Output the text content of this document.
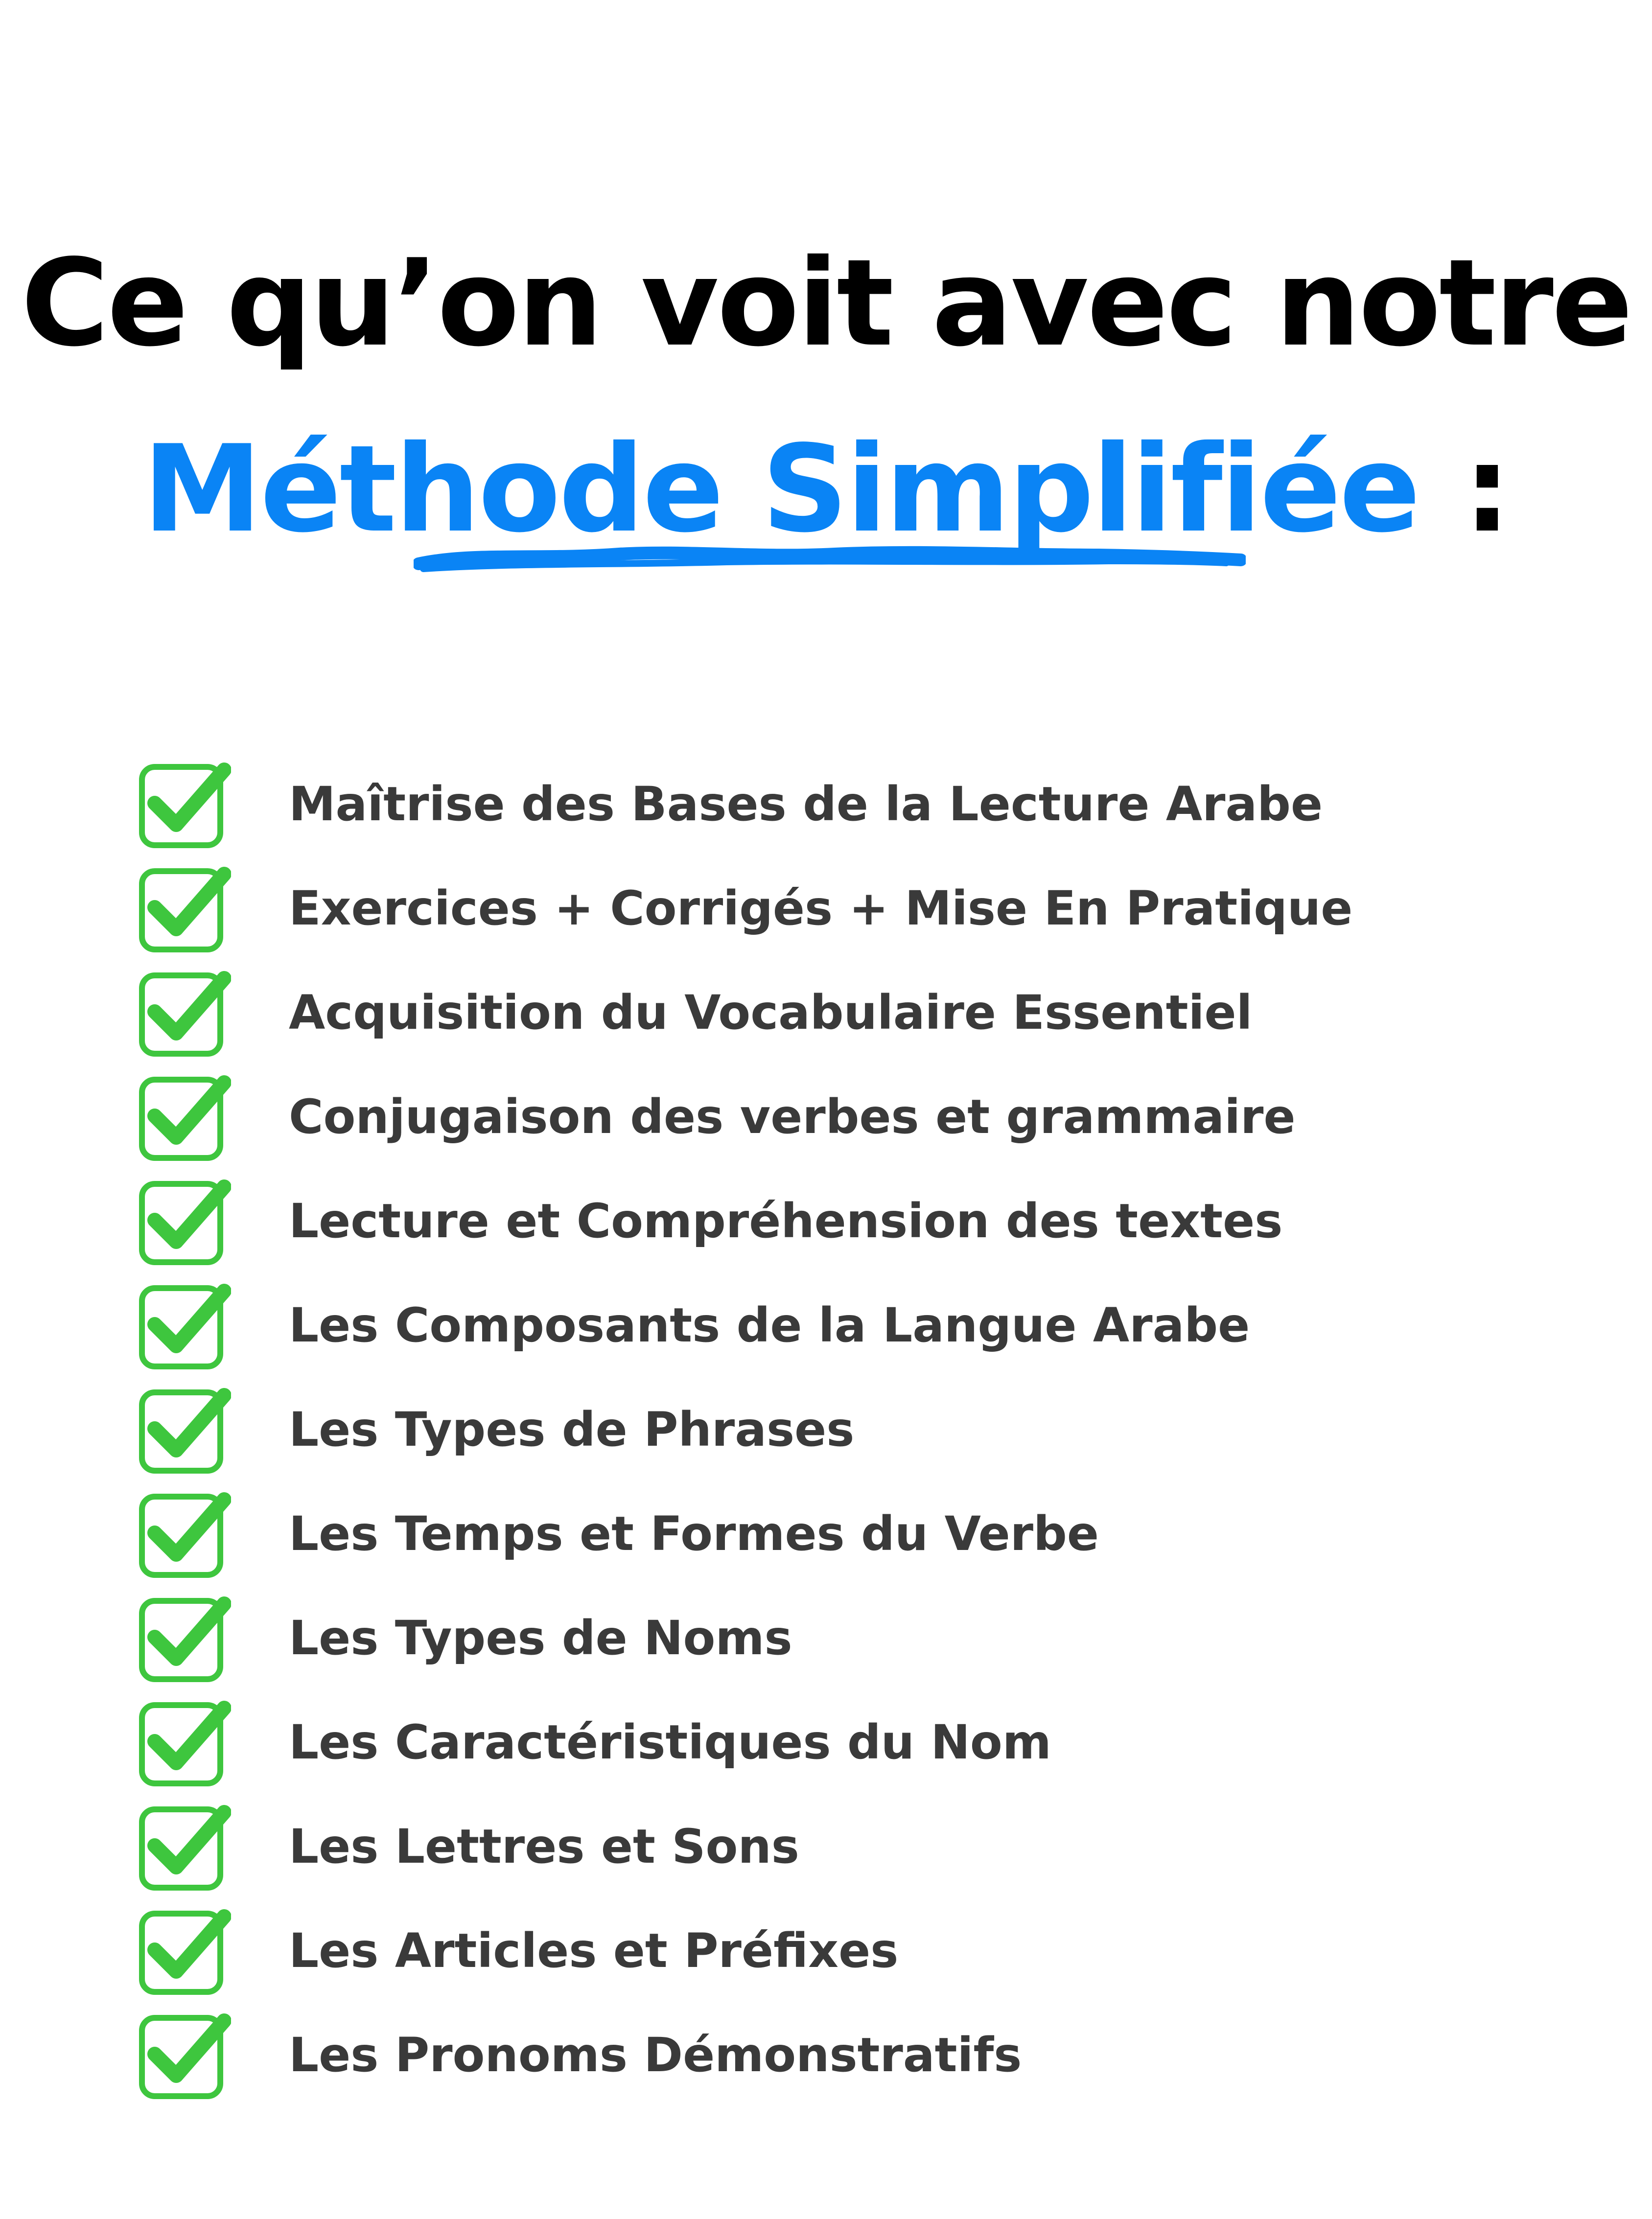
Ce qu’on voit avec notre
Méthode Simplifiée :
Maîtrise des Bases de la Lecture Arabe
Exercices + Corrigés + Mise En Pratique
Acquisition du Vocabulaire Essentiel
Conjugaison des verbes et grammaire
Lecture et Compréhension des textes
Les Composants de la Langue Arabe
Les Types de Phrases
Les Temps et Formes du Verbe
Les Types de Noms
Les Caractéristiques du Nom
Les Lettres et Sons
Les Articles et Préfixes
Les Pronoms Démonstratifs
